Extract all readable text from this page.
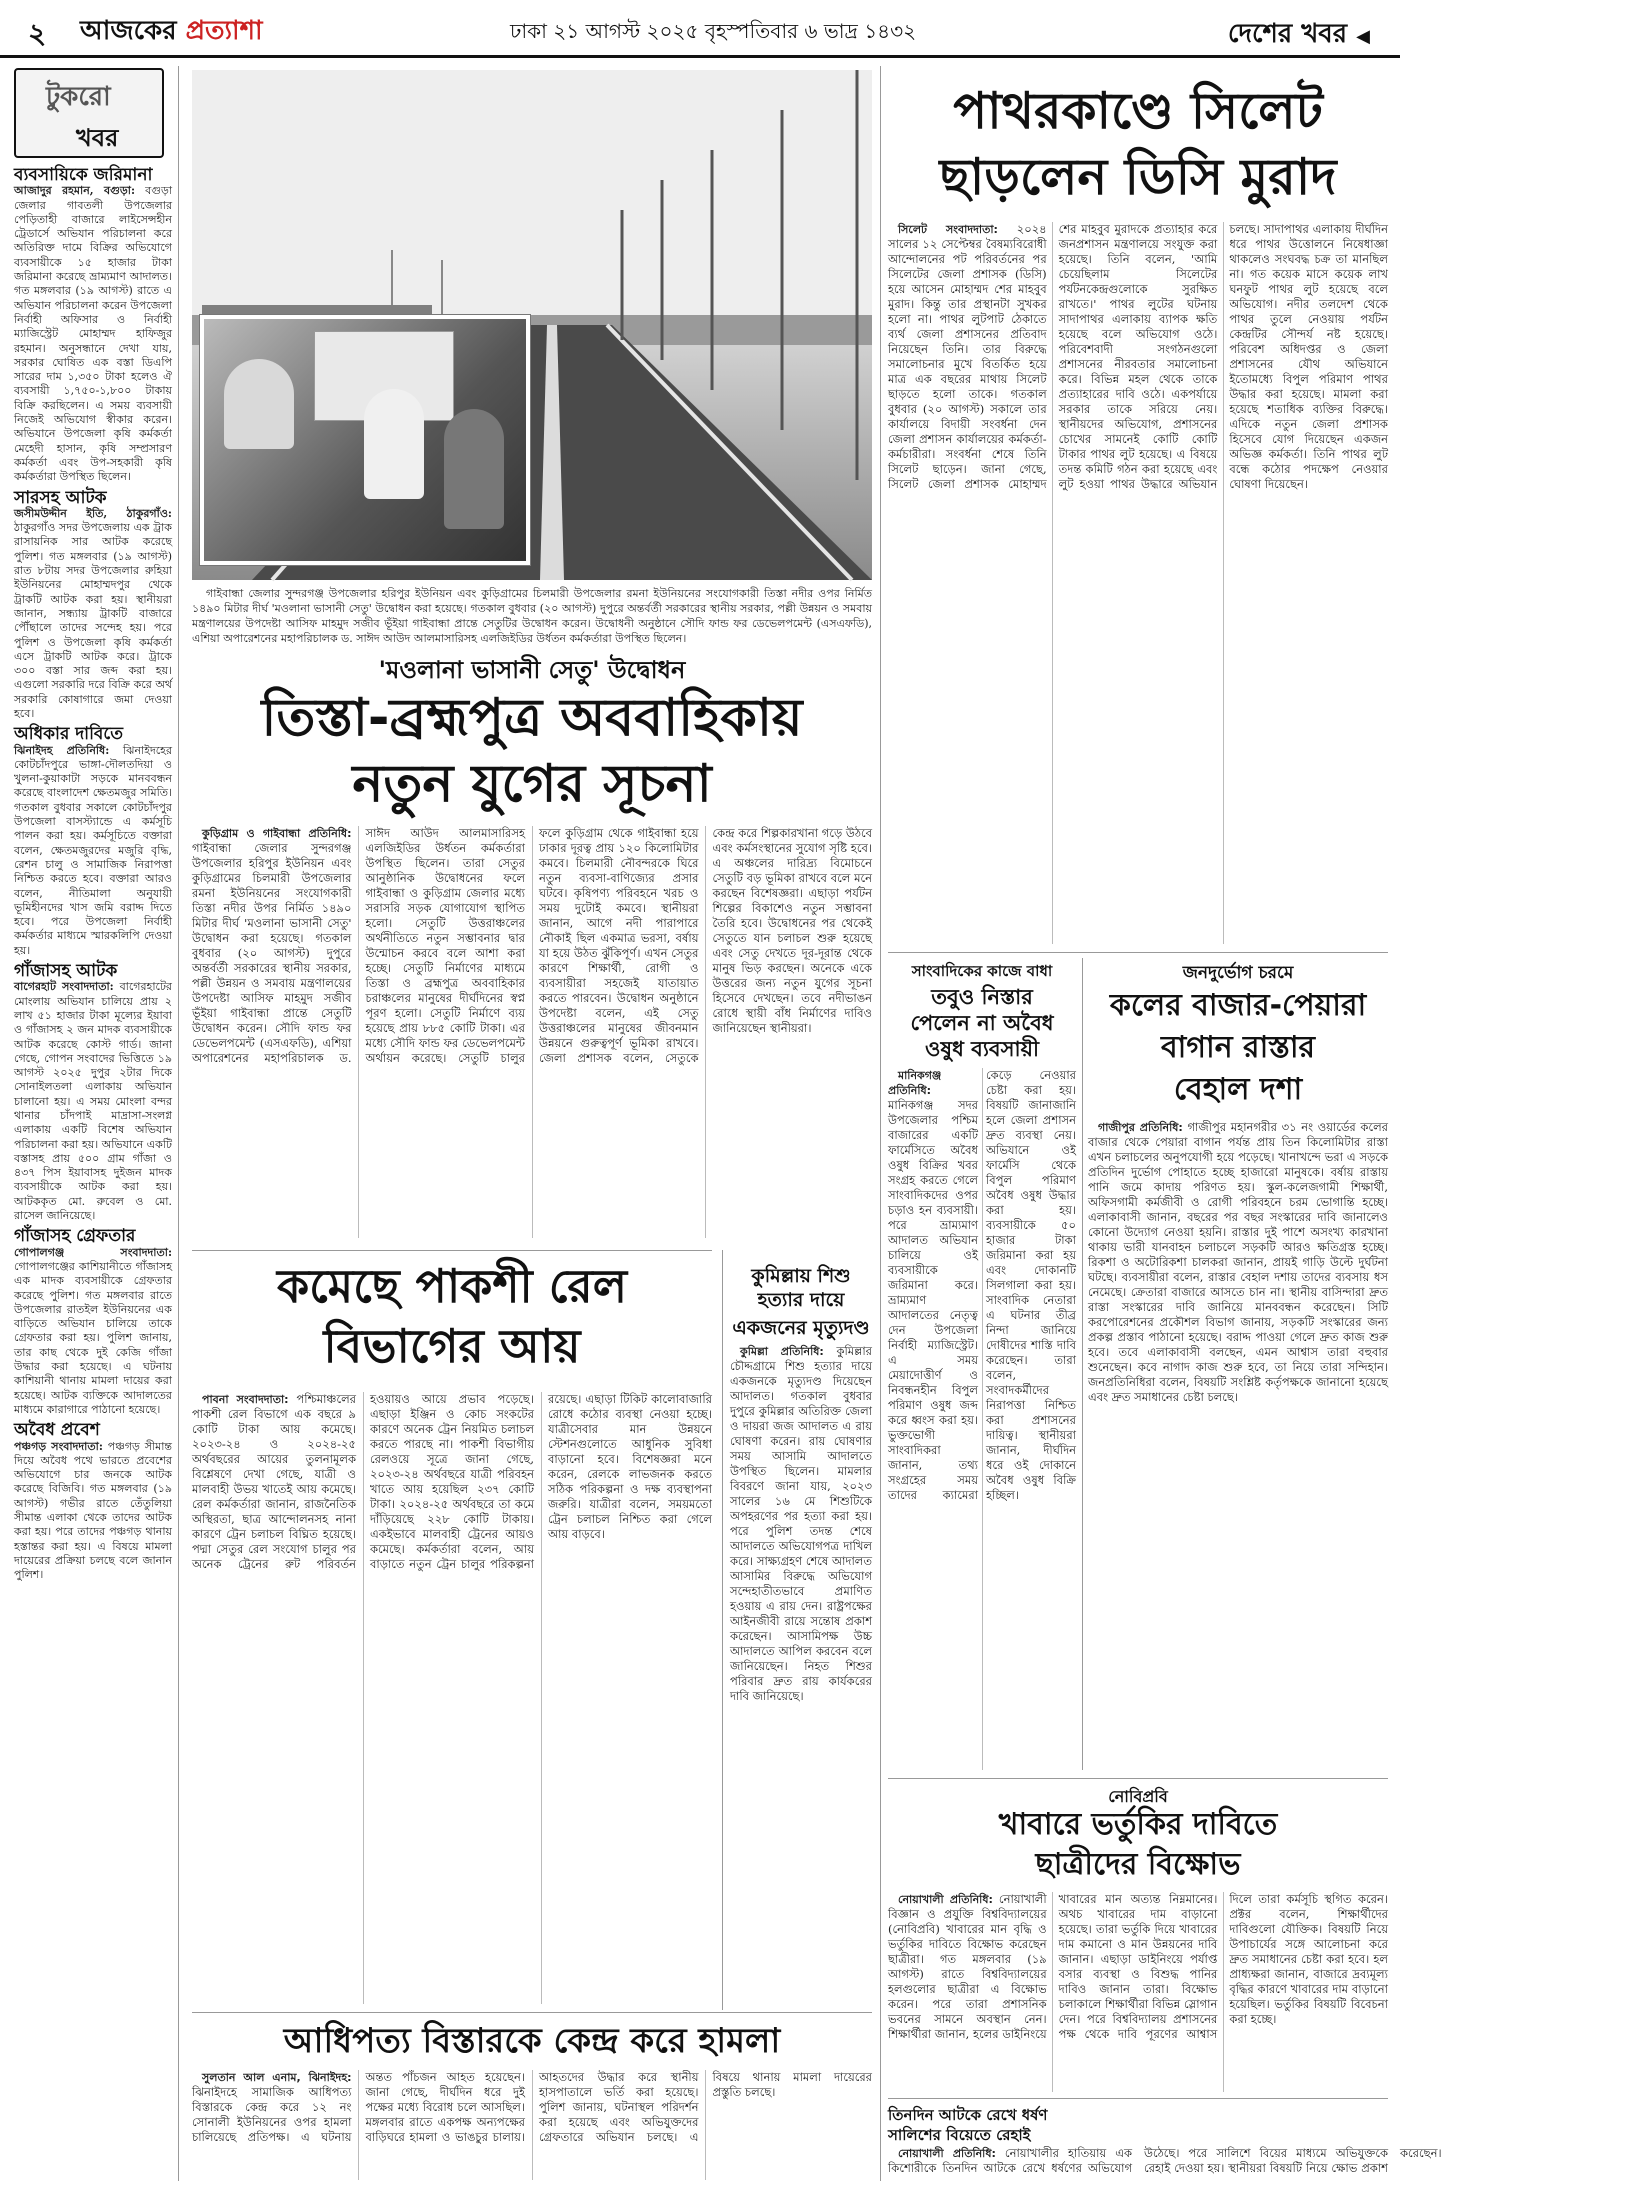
২ আজকের প্রত্যাশা	ঢাকা ২১ আগস্ট ২০২৫ বৃহস্পতিবার ৬ ভাদ্র ১৪৩২	দেশের খবর ◀
টুকরো
খবর
ব্যবসায়িকে জরিমানা

আজাদুর রহমান, বগুড়া: বগুড়া জেলার গাবতলী উপজেলার পেড়িতাহী বাজারে লাইসেন্সহীন ট্রেডার্সে অভিযান পরিচালনা করে অতিরিক্ত দামে বিক্রির অভিযোগে ব্যবসায়ীকে ১৫ হাজার টাকা জরিমানা করেছে ভ্রাম্যমাণ আদালত। গত মঙ্গলবার (১৯ আগস্ট) রাতে এ অভিযান পরিচালনা করেন উপজেলা নির্বাহী অফিসার ও নির্বাহী ম্যাজিস্ট্রেট মোহাম্মদ হাফিজুর রহমান। অনুসন্ধানে দেখা যায়, সরকার ঘোষিত এক বস্তা ডিএপি সারের দাম ১,৩৫০ টাকা হলেও ঐ ব্যবসায়ী ১,৭৫০-১,৮০০ টাকায় বিক্রি করছিলেন। এ সময় ব্যবসায়ী নিজেই অভিযোগ স্বীকার করেন। অভিযানে উপজেলা কৃষি কর্মকর্তা মেহেদী হাসান, কৃষি সম্প্রসারণ কর্মকর্তা এবং উপ-সহকারী কৃষি কর্মকর্তারা উপস্থিত ছিলেন।

সারসহ আটক

জসীমউদ্দীন ইতি, ঠাকুরগাঁও: ঠাকুরগাঁও সদর উপজেলায় এক ট্রাক রাসায়নিক সার আটক করেছে পুলিশ। গত মঙ্গলবার (১৯ আগস্ট) রাত ৮টায় সদর উপজেলার রুহিয়া ইউনিয়নের মোহাম্মদপুর থেকে ট্রাকটি আটক করা হয়। স্থানীয়রা জানান, সন্ধ্যায় ট্রাকটি বাজারে পৌঁছালে তাদের সন্দেহ হয়। পরে পুলিশ ও উপজেলা কৃষি কর্মকর্তা এসে ট্রাকটি আটক করে। ট্রাকে ৩০০ বস্তা সার জব্দ করা হয়। এগুলো সরকারি দরে বিক্রি করে অর্থ সরকারি কোষাগারে জমা দেওয়া হবে।

অধিকার দাবিতে

ঝিনাইদহ প্রতিনিধি: ঝিনাইদহের কোটচাঁদপুরে ভাঙ্গা-দৌলতদিয়া ও খুলনা-কুয়াকাটা সড়কে মানববন্ধন করেছে বাংলাদেশ ক্ষেতমজুর সমিতি। গতকাল বুধবার সকালে কোটচাঁদপুর উপজেলা বাসস্ট্যান্ডে এ কর্মসূচি পালন করা হয়। কর্মসূচিতে বক্তারা বলেন, ক্ষেতমজুরদের মজুরি বৃদ্ধি, রেশন চালু ও সামাজিক নিরাপত্তা নিশ্চিত করতে হবে। বক্তারা আরও বলেন, নীতিমালা অনুযায়ী ভূমিহীনদের খাস জমি বরাদ্দ দিতে হবে। পরে উপজেলা নির্বাহী কর্মকর্তার মাধ্যমে স্মারকলিপি দেওয়া হয়।

গাঁজাসহ আটক

বাগেরহাট সংবাদদাতা: বাগেরহাটের মোংলায় অভিযান চালিয়ে প্রায় ২ লাখ ৫১ হাজার টাকা মূল্যের ইয়াবা ও গাঁজাসহ ২ জন মাদক ব্যবসায়ীকে আটক করেছে কোস্ট গার্ড। জানা গেছে, গোপন সংবাদের ভিত্তিতে ১৯ আগস্ট ২০২৫ দুপুর ২টার দিকে সোনাইলতলা এলাকায় অভিযান চালানো হয়। এ সময় মোংলা বন্দর থানার চাঁদপাই মাদ্রাসা-সংলগ্ন এলাকায় একটি বিশেষ অভিযান পরিচালনা করা হয়। অভিযানে একটি বস্তাসহ প্রায় ৫০০ গ্রাম গাঁজা ও ৪৩৭ পিস ইয়াবাসহ দুইজন মাদক ব্যবসায়ীকে আটক করা হয়। আটককৃত মো. রুবেল ও মো. রাসেল জানিয়েছে।

গাঁজাসহ গ্রেফতার

গোপালগঞ্জ সংবাদদাতা: গোপালগঞ্জের কাশিয়ানীতে গাঁজাসহ এক মাদক ব্যবসায়ীকে গ্রেফতার করেছে পুলিশ। গত মঙ্গলবার রাতে উপজেলার রাতইল ইউনিয়নের এক বাড়িতে অভিযান চালিয়ে তাকে গ্রেফতার করা হয়। পুলিশ জানায়, তার কাছ থেকে দুই কেজি গাঁজা উদ্ধার করা হয়েছে। এ ঘটনায় কাশিয়ানী থানায় মামলা দায়ের করা হয়েছে। আটক ব্যক্তিকে আদালতের মাধ্যমে কারাগারে পাঠানো হয়েছে।

অবৈধ প্রবেশ

পঞ্চগড় সংবাদদাতা: পঞ্চগড় সীমান্ত দিয়ে অবৈধ পথে ভারতে প্রবেশের অভিযোগে চার জনকে আটক করেছে বিজিবি। গত মঙ্গলবার (১৯ আগস্ট) গভীর রাতে তেঁতুলিয়া সীমান্ত এলাকা থেকে তাদের আটক করা হয়। পরে তাদের পঞ্চগড় থানায় হস্তান্তর করা হয়। এ বিষয়ে মামলা দায়েরের প্রক্রিয়া চলছে বলে জানান পুলিশ।

গাইবান্ধা জেলার সুন্দরগঞ্জ উপজেলার হরিপুর ইউনিয়ন এবং কুড়িগ্রামের চিলমারী উপজেলার রমনা ইউনিয়নের সংযোগকারী তিস্তা নদীর ওপর নির্মিত ১৪৯০ মিটার দীর্ঘ 'মওলানা ভাসানী সেতু' উদ্বোধন করা হয়েছে। গতকাল বুধবার (২০ আগস্ট) দুপুরে অন্তর্বর্তী সরকারের স্থানীয় সরকার, পল্লী উন্নয়ন ও সমবায় মন্ত্রণালয়ের উপদেষ্টা আসিফ মাহমুদ সজীব ভূঁইয়া গাইবান্ধা প্রান্তে সেতুটির উদ্বোধন করেন। উদ্বোধনী অনুষ্ঠানে সৌদি ফান্ড ফর ডেভেলপমেন্ট (এসএফডি), এশিয়া অপারেশনের মহাপরিচালক ড. সাঈদ আউদ আলমাসারিসহ এলজিইডির উর্ধতন কর্মকর্তারা উপস্থিত ছিলেন।
'মওলানা ভাসানী সেতু' উদ্বোধন
তিস্তা-ব্রহ্মপুত্র অববাহিকায়
নতুন যুগের সূচনা

কুড়িগ্রাম ও গাইবান্ধা প্রতিনিধি: গাইবান্ধা জেলার সুন্দরগঞ্জ উপজেলার হরিপুর ইউনিয়ন এবং কুড়িগ্রামের চিলমারী উপজেলার রমনা ইউনিয়নের সংযোগকারী তিস্তা নদীর উপর নির্মিত ১৪৯০ মিটার দীর্ঘ 'মওলানা ভাসানী সেতু' উদ্বোধন করা হয়েছে। গতকাল বুধবার (২০ আগস্ট) দুপুরে অন্তর্বর্তী সরকারের স্থানীয় সরকার, পল্লী উন্নয়ন ও সমবায় মন্ত্রণালয়ের উপদেষ্টা আসিফ মাহমুদ সজীব ভূঁইয়া গাইবান্ধা প্রান্তে সেতুটি উদ্বোধন করেন। সৌদি ফান্ড ফর ডেভেলপমেন্ট (এসএফডি), এশিয়া অপারেশনের মহাপরিচালক ড. সাঈদ আউদ আলমাসারিসহ এলজিইডির উর্ধতন কর্মকর্তারা উপস্থিত ছিলেন। তারা সেতুর আনুষ্ঠানিক উদ্বোধনের ফলে গাইবান্ধা ও কুড়িগ্রাম জেলার মধ্যে সরাসরি সড়ক যোগাযোগ স্থাপিত হলো। সেতুটি উত্তরাঞ্চলের অর্থনীতিতে নতুন সম্ভাবনার দ্বার উন্মোচন করবে বলে আশা করা হচ্ছে। সেতুটি নির্মাণের মাধ্যমে তিস্তা ও ব্রহ্মপুত্র অববাহিকার চরাঞ্চলের মানুষের দীর্ঘদিনের স্বপ্ন পূরণ হলো। সেতুটি নির্মাণে ব্যয় হয়েছে প্রায় ৮৮৫ কোটি টাকা। এর মধ্যে সৌদি ফান্ড ফর ডেভেলপমেন্ট অর্থায়ন করেছে। সেতুটি চালুর ফলে কুড়িগ্রাম থেকে গাইবান্ধা হয়ে ঢাকার দূরত্ব প্রায় ১২০ কিলোমিটার কমবে। চিলমারী নৌবন্দরকে ঘিরে নতুন ব্যবসা-বাণিজ্যের প্রসার ঘটবে। কৃষিপণ্য পরিবহনে খরচ ও সময় দুটোই কমবে। স্থানীয়রা জানান, আগে নদী পারাপারে নৌকাই ছিল একমাত্র ভরসা, বর্ষায় যা হয়ে উঠত ঝুঁকিপূর্ণ। এখন সেতুর কারণে শিক্ষার্থী, রোগী ও ব্যবসায়ীরা সহজেই যাতায়াত করতে পারবেন। উদ্বোধন অনুষ্ঠানে উপদেষ্টা বলেন, এই সেতু উত্তরাঞ্চলের মানুষের জীবনমান উন্নয়নে গুরুত্বপূর্ণ ভূমিকা রাখবে। জেলা প্রশাসক বলেন, সেতুকে কেন্দ্র করে শিল্পকারখানা গড়ে উঠবে এবং কর্মসংস্থানের সুযোগ সৃষ্টি হবে। এ অঞ্চলের দারিদ্র্য বিমোচনে সেতুটি বড় ভূমিকা রাখবে বলে মনে করছেন বিশেষজ্ঞরা। এছাড়া পর্যটন শিল্পের বিকাশেও নতুন সম্ভাবনা তৈরি হবে। উদ্বোধনের পর থেকেই সেতুতে যান চলাচল শুরু হয়েছে এবং সেতু দেখতে দূর-দূরান্ত থেকে মানুষ ভিড় করছেন। অনেকে একে উত্তরের জন্য নতুন যুগের সূচনা হিসেবে দেখছেন। তবে নদীভাঙন রোধে স্থায়ী বাঁধ নির্মাণের দাবিও জানিয়েছেন স্থানীয়রা।

কমেছে পাকশী রেল
বিভাগের আয়

পাবনা সংবাদদাতা: পশ্চিমাঞ্চলের পাকশী রেল বিভাগে এক বছরে ৯ কোটি টাকা আয় কমেছে। ২০২৩-২৪ ও ২০২৪-২৫ অর্থবছরের আয়ের তুলনামূলক বিশ্লেষণে দেখা গেছে, যাত্রী ও মালবাহী উভয় খাতেই আয় কমেছে। রেল কর্মকর্তারা জানান, রাজনৈতিক অস্থিরতা, ছাত্র আন্দোলনসহ নানা কারণে ট্রেন চলাচল বিঘ্নিত হয়েছে। পদ্মা সেতুর রেল সংযোগ চালুর পর অনেক ট্রেনের রুট পরিবর্তন হওয়ায়ও আয়ে প্রভাব পড়েছে। এছাড়া ইঞ্জিন ও কোচ সংকটের কারণে অনেক ট্রেন নিয়মিত চলাচল করতে পারছে না। পাকশী বিভাগীয় রেলওয়ে সূত্রে জানা গেছে, ২০২৩-২৪ অর্থবছরে যাত্রী পরিবহন খাতে আয় হয়েছিল ২৩৭ কোটি টাকা। ২০২৪-২৫ অর্থবছরে তা কমে দাঁড়িয়েছে ২২৮ কোটি টাকায়। একইভাবে মালবাহী ট্রেনের আয়ও কমেছে। কর্মকর্তারা বলেন, আয় বাড়াতে নতুন ট্রেন চালুর পরিকল্পনা রয়েছে। এছাড়া টিকিট কালোবাজারি রোধে কঠোর ব্যবস্থা নেওয়া হচ্ছে। যাত্রীসেবার মান উন্নয়নে স্টেশনগুলোতে আধুনিক সুবিধা বাড়ানো হবে। বিশেষজ্ঞরা মনে করেন, রেলকে লাভজনক করতে সঠিক পরিকল্পনা ও দক্ষ ব্যবস্থাপনা জরুরি। যাত্রীরা বলেন, সময়মতো ট্রেন চলাচল নিশ্চিত করা গেলে আয় বাড়বে।

কুমিল্লায় শিশু
হত্যার দায়ে
একজনের মৃত্যুদণ্ড

কুমিল্লা প্রতিনিধি: কুমিল্লার চৌদ্দগ্রামে শিশু হত্যার দায়ে একজনকে মৃত্যুদণ্ড দিয়েছেন আদালত। গতকাল বুধবার দুপুরে কুমিল্লার অতিরিক্ত জেলা ও দায়রা জজ আদালত এ রায় ঘোষণা করেন। রায় ঘোষণার সময় আসামি আদালতে উপস্থিত ছিলেন। মামলার বিবরণে জানা যায়, ২০২৩ সালের ১৬ মে শিশুটিকে অপহরণের পর হত্যা করা হয়। পরে পুলিশ তদন্ত শেষে আদালতে অভিযোগপত্র দাখিল করে। সাক্ষ্যগ্রহণ শেষে আদালত আসামির বিরুদ্ধে অভিযোগ সন্দেহাতীতভাবে প্রমাণিত হওয়ায় এ রায় দেন। রাষ্ট্রপক্ষের আইনজীবী রায়ে সন্তোষ প্রকাশ করেছেন। আসামিপক্ষ উচ্চ আদালতে আপিল করবেন বলে জানিয়েছেন। নিহত শিশুর পরিবার দ্রুত রায় কার্যকরের দাবি জানিয়েছে।

আধিপত্য বিস্তারকে কেন্দ্র করে হামলা

সুলতান আল এনাম, ঝিনাইদহ: ঝিনাইদহে সামাজিক আধিপত্য বিস্তারকে কেন্দ্র করে ১২ নং সোনালী ইউনিয়নের ওপর হামলা চালিয়েছে প্রতিপক্ষ। এ ঘটনায় অন্তত পাঁচজন আহত হয়েছেন। জানা গেছে, দীর্ঘদিন ধরে দুই পক্ষের মধ্যে বিরোধ চলে আসছিল। মঙ্গলবার রাতে একপক্ষ অন্যপক্ষের বাড়িঘরে হামলা ও ভাঙচুর চালায়। আহতদের উদ্ধার করে স্থানীয় হাসপাতালে ভর্তি করা হয়েছে। পুলিশ জানায়, ঘটনাস্থল পরিদর্শন করা হয়েছে এবং অভিযুক্তদের গ্রেফতারে অভিযান চলছে। এ বিষয়ে থানায় মামলা দায়েরের প্রস্তুতি চলছে।

পাথরকাণ্ডে সিলেট
ছাড়লেন ডিসি মুরাদ

সিলেট সংবাদদাতা: ২০২৪ সালের ১২ সেপ্টেম্বর বৈষম্যবিরোধী আন্দোলনের পট পরিবর্তনের পর সিলেটের জেলা প্রশাসক (ডিসি) হয়ে আসেন মোহাম্মদ শের মাহবুব মুরাদ। কিন্তু তার প্রস্থানটা সুখকর হলো না। পাথর লুটপাট ঠেকাতে ব্যর্থ জেলা প্রশাসনের প্রতিবাদ নিয়েছেন তিনি। তার বিরুদ্ধে সমালোচনার মুখে বিতর্কিত হয়ে মাত্র এক বছরের মাথায় সিলেট ছাড়তে হলো তাকে। গতকাল বুধবার (২০ আগস্ট) সকালে তার কার্যালয়ে বিদায়ী সংবর্ধনা দেন জেলা প্রশাসন কার্যালয়ের কর্মকর্তা-কর্মচারীরা। সংবর্ধনা শেষে তিনি সিলেট ছাড়েন। জানা গেছে, সিলেট জেলা প্রশাসক মোহাম্মদ শের মাহবুব মুরাদকে প্রত্যাহার করে জনপ্রশাসন মন্ত্রণালয়ে সংযুক্ত করা হয়েছে। তিনি বলেন, 'আমি চেয়েছিলাম সিলেটের পর্যটনকেন্দ্রগুলোকে সুরক্ষিত রাখতে।' পাথর লুটের ঘটনায় সাদাপাথর এলাকায় ব্যাপক ক্ষতি হয়েছে বলে অভিযোগ ওঠে। পরিবেশবাদী সংগঠনগুলো প্রশাসনের নীরবতার সমালোচনা করে। বিভিন্ন মহল থেকে তাকে প্রত্যাহারের দাবি ওঠে। একপর্যায়ে সরকার তাকে সরিয়ে নেয়। স্থানীয়দের অভিযোগ, প্রশাসনের চোখের সামনেই কোটি কোটি টাকার পাথর লুট হয়েছে। এ বিষয়ে তদন্ত কমিটি গঠন করা হয়েছে এবং লুট হওয়া পাথর উদ্ধারে অভিযান চলছে। সাদাপাথর এলাকায় দীর্ঘদিন ধরে পাথর উত্তোলনে নিষেধাজ্ঞা থাকলেও সংঘবদ্ধ চক্র তা মানছিল না। গত কয়েক মাসে কয়েক লাখ ঘনফুট পাথর লুট হয়েছে বলে অভিযোগ। নদীর তলদেশ থেকে পাথর তুলে নেওয়ায় পর্যটন কেন্দ্রটির সৌন্দর্য নষ্ট হয়েছে। পরিবেশ অধিদপ্তর ও জেলা প্রশাসনের যৌথ অভিযানে ইতোমধ্যে বিপুল পরিমাণ পাথর উদ্ধার করা হয়েছে। মামলা করা হয়েছে শতাধিক ব্যক্তির বিরুদ্ধে। এদিকে নতুন জেলা প্রশাসক হিসেবে যোগ দিয়েছেন একজন অভিজ্ঞ কর্মকর্তা। তিনি পাথর লুট বন্ধে কঠোর পদক্ষেপ নেওয়ার ঘোষণা দিয়েছেন।

সাংবাদিকের কাজে বাধা
তবুও নিস্তার
পেলেন না অবৈধ
ওষুধ ব্যবসায়ী

মানিকগঞ্জ প্রতিনিধি: মানিকগঞ্জ সদর উপজেলার পশ্চিম বাজারের একটি ফার্মেসিতে অবৈধ ওষুধ বিক্রির খবর সংগ্রহ করতে গেলে সাংবাদিকদের ওপর চড়াও হন ব্যবসায়ী। পরে ভ্রাম্যমাণ আদালত অভিযান চালিয়ে ওই ব্যবসায়ীকে জরিমানা করে। ভ্রাম্যমাণ আদালতের নেতৃত্ব দেন উপজেলা নির্বাহী ম্যাজিস্ট্রেট। এ সময় মেয়াদোত্তীর্ণ ও নিবন্ধনহীন বিপুল পরিমাণ ওষুধ জব্দ করে ধ্বংস করা হয়। ভুক্তভোগী সাংবাদিকরা জানান, তথ্য সংগ্রহের সময় তাদের ক্যামেরা কেড়ে নেওয়ার চেষ্টা করা হয়। বিষয়টি জানাজানি হলে জেলা প্রশাসন দ্রুত ব্যবস্থা নেয়। অভিযানে ওই ফার্মেসি থেকে বিপুল পরিমাণ অবৈধ ওষুধ উদ্ধার করা হয়। ব্যবসায়ীকে ৫০ হাজার টাকা জরিমানা করা হয় এবং দোকানটি সিলগালা করা হয়। সাংবাদিক নেতারা এ ঘটনার তীব্র নিন্দা জানিয়ে দোষীদের শাস্তি দাবি করেছেন। তারা বলেন, সংবাদকর্মীদের নিরাপত্তা নিশ্চিত করা প্রশাসনের দায়িত্ব। স্থানীয়রা জানান, দীর্ঘদিন ধরে ওই দোকানে অবৈধ ওষুধ বিক্রি হচ্ছিল।

জনদুর্ভোগ চরমে
কলের বাজার-পেয়ারা
বাগান রাস্তার
বেহাল দশা

গাজীপুর প্রতিনিধি: গাজীপুর মহানগরীর ৩১ নং ওয়ার্ডের কলের বাজার থেকে পেয়ারা বাগান পর্যন্ত প্রায় তিন কিলোমিটার রাস্তা এখন চলাচলের অনুপযোগী হয়ে পড়েছে। খানাখন্দে ভরা এ সড়কে প্রতিদিন দুর্ভোগ পোহাতে হচ্ছে হাজারো মানুষকে। বর্ষায় রাস্তায় পানি জমে কাদায় পরিণত হয়। স্কুল-কলেজগামী শিক্ষার্থী, অফিসগামী কর্মজীবী ও রোগী পরিবহনে চরম ভোগান্তি হচ্ছে। এলাকাবাসী জানান, বছরের পর বছর সংস্কারের দাবি জানালেও কোনো উদ্যোগ নেওয়া হয়নি। রাস্তার দুই পাশে অসংখ্য কারখানা থাকায় ভারী যানবাহন চলাচলে সড়কটি আরও ক্ষতিগ্রস্ত হচ্ছে। রিকশা ও অটোরিকশা চালকরা জানান, প্রায়ই গাড়ি উল্টে দুর্ঘটনা ঘটছে। ব্যবসায়ীরা বলেন, রাস্তার বেহাল দশায় তাদের ব্যবসায় ধস নেমেছে। ক্রেতারা বাজারে আসতে চান না। স্থানীয় বাসিন্দারা দ্রুত রাস্তা সংস্কারের দাবি জানিয়ে মানববন্ধন করেছেন। সিটি করপোরেশনের প্রকৌশল বিভাগ জানায়, সড়কটি সংস্কারের জন্য প্রকল্প প্রস্তাব পাঠানো হয়েছে। বরাদ্দ পাওয়া গেলে দ্রুত কাজ শুরু হবে। তবে এলাকাবাসী বলছেন, এমন আশ্বাস তারা বহুবার শুনেছেন। কবে নাগাদ কাজ শুরু হবে, তা নিয়ে তারা সন্দিহান। জনপ্রতিনিধিরা বলেন, বিষয়টি সংশ্লিষ্ট কর্তৃপক্ষকে জানানো হয়েছে এবং দ্রুত সমাধানের চেষ্টা চলছে।

নোবিপ্রবি
খাবারে ভর্তুকির দাবিতে
ছাত্রীদের বিক্ষোভ

নোয়াখালী প্রতিনিধি: নোয়াখালী বিজ্ঞান ও প্রযুক্তি বিশ্ববিদ্যালয়ের (নোবিপ্রবি) খাবারের মান বৃদ্ধি ও ভর্তুকির দাবিতে বিক্ষোভ করেছেন ছাত্রীরা। গত মঙ্গলবার (১৯ আগস্ট) রাতে বিশ্ববিদ্যালয়ের হলগুলোর ছাত্রীরা এ বিক্ষোভ করেন। পরে তারা প্রশাসনিক ভবনের সামনে অবস্থান নেন। শিক্ষার্থীরা জানান, হলের ডাইনিংয়ে খাবারের মান অত্যন্ত নিম্নমানের। অথচ খাবারের দাম বাড়ানো হয়েছে। তারা ভর্তুকি দিয়ে খাবারের দাম কমানো ও মান উন্নয়নের দাবি জানান। এছাড়া ডাইনিংয়ে পর্যাপ্ত বসার ব্যবস্থা ও বিশুদ্ধ পানির দাবিও জানান তারা। বিক্ষোভ চলাকালে শিক্ষার্থীরা বিভিন্ন স্লোগান দেন। পরে বিশ্ববিদ্যালয় প্রশাসনের পক্ষ থেকে দাবি পূরণের আশ্বাস দিলে তারা কর্মসূচি স্থগিত করেন। প্রক্টর বলেন, শিক্ষার্থীদের দাবিগুলো যৌক্তিক। বিষয়টি নিয়ে উপাচার্যের সঙ্গে আলোচনা করে দ্রুত সমাধানের চেষ্টা করা হবে। হল প্রাধ্যক্ষরা জানান, বাজারে দ্রব্যমূল্য বৃদ্ধির কারণে খাবারের দাম বাড়ানো হয়েছিল। ভর্তুকির বিষয়টি বিবেচনা করা হচ্ছে।

তিনদিন আটকে রেখে ধর্ষণ
সালিশের বিয়েতে রেহাই

নোয়াখালী প্রতিনিধি: নোয়াখালীর হাতিয়ায় এক কিশোরীকে তিনদিন আটকে রেখে ধর্ষণের অভিযোগ উঠেছে। পরে সালিশে বিয়ের মাধ্যমে অভিযুক্তকে রেহাই দেওয়া হয়। স্থানীয়রা বিষয়টি নিয়ে ক্ষোভ প্রকাশ করেছেন।
